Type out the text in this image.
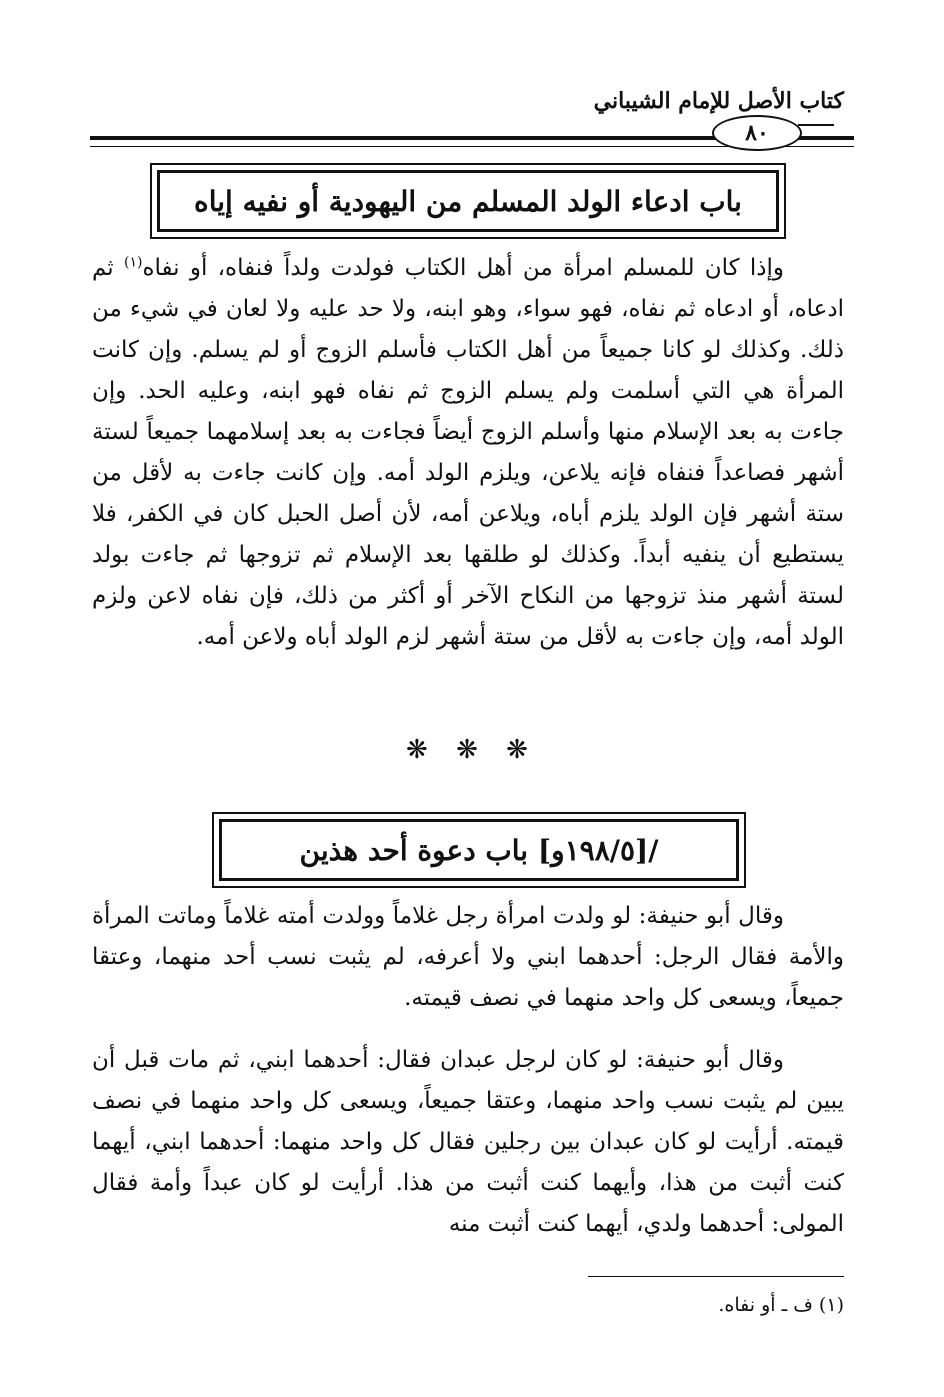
كتاب الأصل للإمام الشيباني
٨٠
باب ادعاء الولد المسلم من اليهودية أو نفيه إياه

وإذا كان للمسلم امرأة من أهل الكتاب فولدت ولداً فنفاه، أو نفاه$^{(١)}$ ثم ادعاه، أو ادعاه ثم نفاه، فهو سواء، وهو ابنه، ولا حد عليه ولا لعان في شيء من ذلك. وكذلك لو كانا جميعاً من أهل الكتاب فأسلم الزوج أو لم يسلم. وإن كانت المرأة هي التي أسلمت ولم يسلم الزوج ثم نفاه فهو ابنه، وعليه الحد. وإن جاءت به بعد الإسلام منها وأسلم الزوج أيضاً فجاءت به بعد إسلامهما جميعاً لستة أشهر فصاعداً فنفاه فإنه يلاعن، ويلزم الولد أمه. وإن كانت جاءت به لأقل من ستة أشهر فإن الولد يلزم أباه، ويلاعن أمه، لأن أصل الحبل كان في الكفر، فلا يستطيع أن ينفيه أبداً. وكذلك لو طلقها بعد الإسلام ثم تزوجها ثم جاءت بولد لستة أشهر منذ تزوجها من النكاح الآخر أو أكثر من ذلك، فإن نفاه لاعن ولزم الولد أمه، وإن جاءت به لأقل من ستة أشهر لزم الولد أباه ولاعن أمه.

❋ ❋ ❋
/[١٩٨/٥و] باب دعوة أحد هذين

وقال أبو حنيفة: لو ولدت امرأة رجل غلاماً وولدت أمته غلاماً وماتت المرأة والأمة فقال الرجل: أحدهما ابني ولا أعرفه، لم يثبت نسب أحد منهما، وعتقا جميعاً، ويسعى كل واحد منهما في نصف قيمته.

وقال أبو حنيفة: لو كان لرجل عبدان فقال: أحدهما ابني، ثم مات قبل أن يبين لم يثبت نسب واحد منهما، وعتقا جميعاً، ويسعى كل واحد منهما في نصف قيمته. أرأيت لو كان عبدان بين رجلين فقال كل واحد منهما: أحدهما ابني، أيهما كنت أثبت من هذا، وأيهما كنت أثبت من هذا. أرأيت لو كان عبداً وأمة فقال المولى: أحدهما ولدي، أيهما كنت أثبت منه

(١) ف ـ أو نفاه.
